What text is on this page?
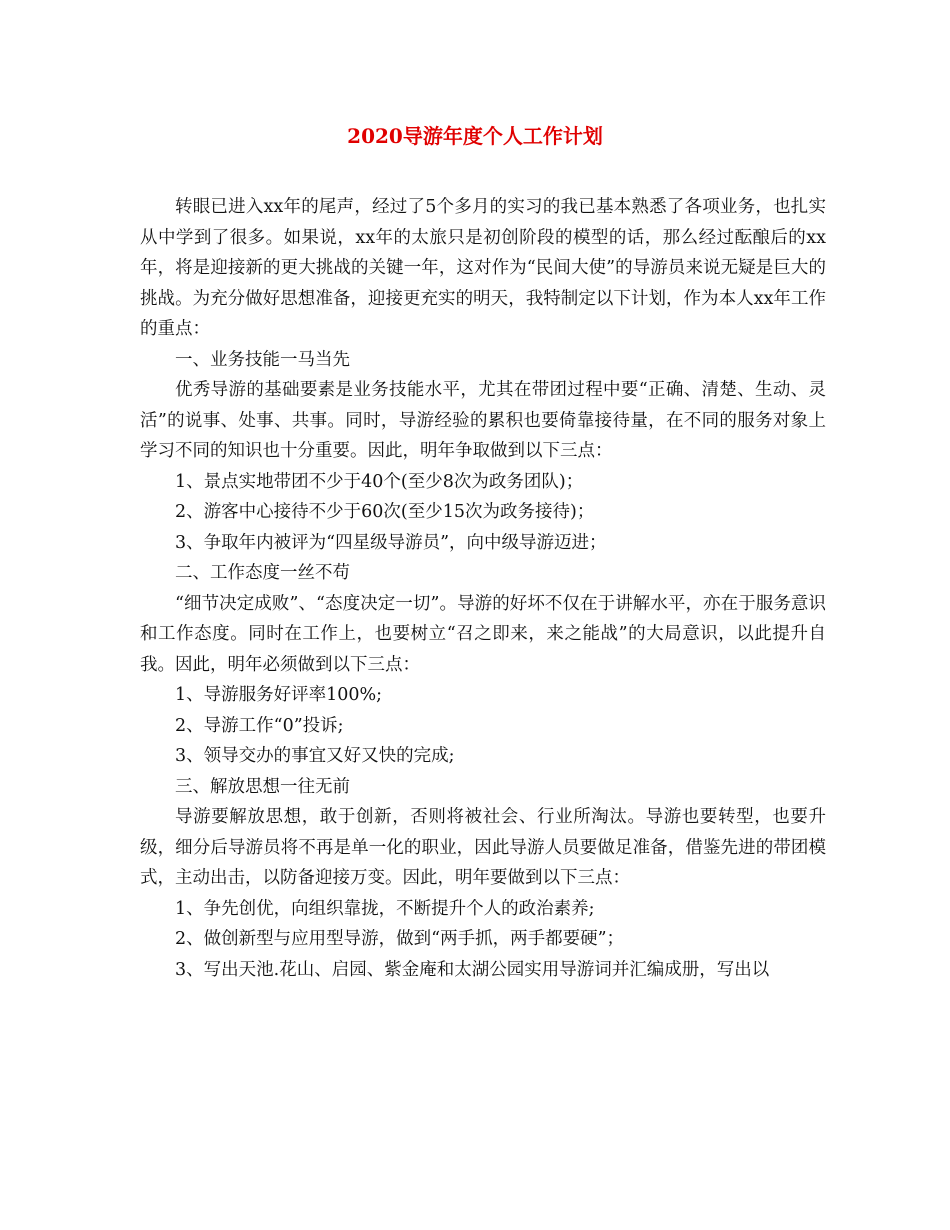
2020导游年度个人工作计划

转眼已进入xx年的尾声，经过了5个多月的实习的我已基本熟悉了各项业务，也扎实从中学到了很多。如果说，xx年的太旅只是初创阶段的模型的话，那么经过酝酿后的xx年，将是迎接新的更大挑战的关键一年，这对作为“民间大使”的导游员来说无疑是巨大的挑战。为充分做好思想准备，迎接更充实的明天，我特制定以下计划，作为本人xx年工作的重点：

一、业务技能一马当先

优秀导游的基础要素是业务技能水平，尤其在带团过程中要“正确、清楚、生动、灵活”的说事、处事、共事。同时，导游经验的累积也要倚靠接待量，在不同的服务对象上学习不同的知识也十分重要。因此，明年争取做到以下三点：

1、景点实地带团不少于40个(至少8次为政务团队)；

2、游客中心接待不少于60次(至少15次为政务接待)；

3、争取年内被评为“四星级导游员”，向中级导游迈进；

二、工作态度一丝不苟

“细节决定成败”、“态度决定一切”。导游的好坏不仅在于讲解水平，亦在于服务意识和工作态度。同时在工作上，也要树立“召之即来，来之能战”的大局意识，以此提升自我。因此，明年必须做到以下三点：

1、导游服务好评率100%;

2、导游工作“0”投诉;

3、领导交办的事宜又好又快的完成;

三、解放思想一往无前

导游要解放思想，敢于创新，否则将被社会、行业所淘汰。导游也要转型，也要升级，细分后导游员将不再是单一化的职业，因此导游人员要做足准备，借鉴先进的带团模式，主动出击，以防备迎接万变。因此，明年要做到以下三点：

1、争先创优，向组织靠拢，不断提升个人的政治素养;

2、做创新型与应用型导游，做到“两手抓，两手都要硬”；

3、写出天池.花山、启园、紫金庵和太湖公园实用导游词并汇编成册，写出以
